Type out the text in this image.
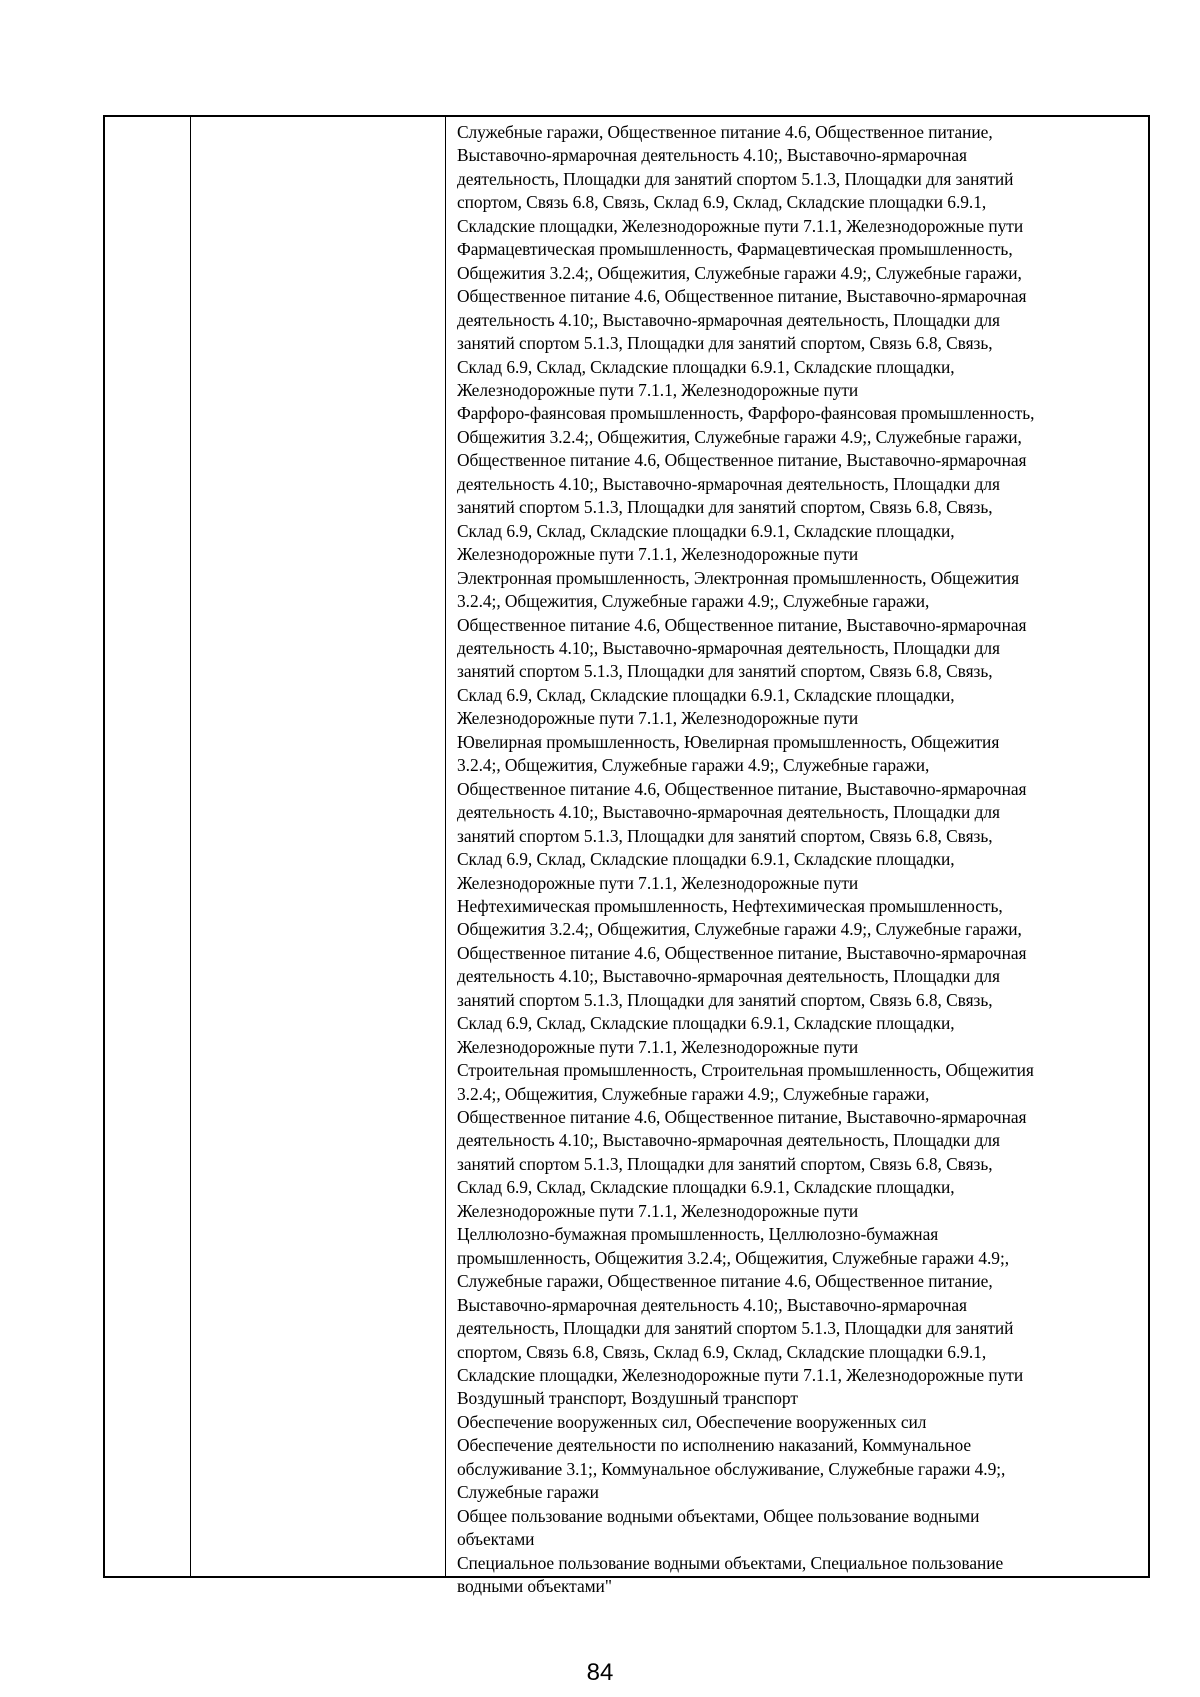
Служебные гаражи, Общественное питание 4.6, Общественное питание,
Выставочно-ярмарочная деятельность 4.10;, Выставочно-ярмарочная
деятельность, Площадки для занятий спортом 5.1.3, Площадки для занятий
спортом, Связь 6.8, Связь, Склад 6.9, Склад, Складские площадки 6.9.1,
Складские площадки, Железнодорожные пути 7.1.1, Железнодорожные пути
Фармацевтическая промышленность, Фармацевтическая промышленность,
Общежития 3.2.4;, Общежития, Служебные гаражи 4.9;, Служебные гаражи,
Общественное питание 4.6, Общественное питание, Выставочно-ярмарочная
деятельность 4.10;, Выставочно-ярмарочная деятельность, Площадки для
занятий спортом 5.1.3, Площадки для занятий спортом, Связь 6.8, Связь,
Склад 6.9, Склад, Складские площадки 6.9.1, Складские площадки,
Железнодорожные пути 7.1.1, Железнодорожные пути
Фарфоро-фаянсовая промышленность, Фарфоро-фаянсовая промышленность,
Общежития 3.2.4;, Общежития, Служебные гаражи 4.9;, Служебные гаражи,
Общественное питание 4.6, Общественное питание, Выставочно-ярмарочная
деятельность 4.10;, Выставочно-ярмарочная деятельность, Площадки для
занятий спортом 5.1.3, Площадки для занятий спортом, Связь 6.8, Связь,
Склад 6.9, Склад, Складские площадки 6.9.1, Складские площадки,
Железнодорожные пути 7.1.1, Железнодорожные пути
Электронная промышленность, Электронная промышленность, Общежития
3.2.4;, Общежития, Служебные гаражи 4.9;, Служебные гаражи,
Общественное питание 4.6, Общественное питание, Выставочно-ярмарочная
деятельность 4.10;, Выставочно-ярмарочная деятельность, Площадки для
занятий спортом 5.1.3, Площадки для занятий спортом, Связь 6.8, Связь,
Склад 6.9, Склад, Складские площадки 6.9.1, Складские площадки,
Железнодорожные пути 7.1.1, Железнодорожные пути
Ювелирная промышленность, Ювелирная промышленность, Общежития
3.2.4;, Общежития, Служебные гаражи 4.9;, Служебные гаражи,
Общественное питание 4.6, Общественное питание, Выставочно-ярмарочная
деятельность 4.10;, Выставочно-ярмарочная деятельность, Площадки для
занятий спортом 5.1.3, Площадки для занятий спортом, Связь 6.8, Связь,
Склад 6.9, Склад, Складские площадки 6.9.1, Складские площадки,
Железнодорожные пути 7.1.1, Железнодорожные пути
Нефтехимическая промышленность, Нефтехимическая промышленность,
Общежития 3.2.4;, Общежития, Служебные гаражи 4.9;, Служебные гаражи,
Общественное питание 4.6, Общественное питание, Выставочно-ярмарочная
деятельность 4.10;, Выставочно-ярмарочная деятельность, Площадки для
занятий спортом 5.1.3, Площадки для занятий спортом, Связь 6.8, Связь,
Склад 6.9, Склад, Складские площадки 6.9.1, Складские площадки,
Железнодорожные пути 7.1.1, Железнодорожные пути
Строительная промышленность, Строительная промышленность, Общежития
3.2.4;, Общежития, Служебные гаражи 4.9;, Служебные гаражи,
Общественное питание 4.6, Общественное питание, Выставочно-ярмарочная
деятельность 4.10;, Выставочно-ярмарочная деятельность, Площадки для
занятий спортом 5.1.3, Площадки для занятий спортом, Связь 6.8, Связь,
Склад 6.9, Склад, Складские площадки 6.9.1, Складские площадки,
Железнодорожные пути 7.1.1, Железнодорожные пути
Целлюлозно-бумажная промышленность, Целлюлозно-бумажная
промышленность, Общежития 3.2.4;, Общежития, Служебные гаражи 4.9;,
Служебные гаражи, Общественное питание 4.6, Общественное питание,
Выставочно-ярмарочная деятельность 4.10;, Выставочно-ярмарочная
деятельность, Площадки для занятий спортом 5.1.3, Площадки для занятий
спортом, Связь 6.8, Связь, Склад 6.9, Склад, Складские площадки 6.9.1,
Складские площадки, Железнодорожные пути 7.1.1, Железнодорожные пути
Воздушный транспорт, Воздушный транспорт
Обеспечение вооруженных сил, Обеспечение вооруженных сил
Обеспечение деятельности по исполнению наказаний, Коммунальное
обслуживание 3.1;, Коммунальное обслуживание, Служебные гаражи 4.9;,
Служебные гаражи
Общее пользование водными объектами, Общее пользование водными
объектами
Специальное пользование водными объектами, Специальное пользование
водными объектами"
84
